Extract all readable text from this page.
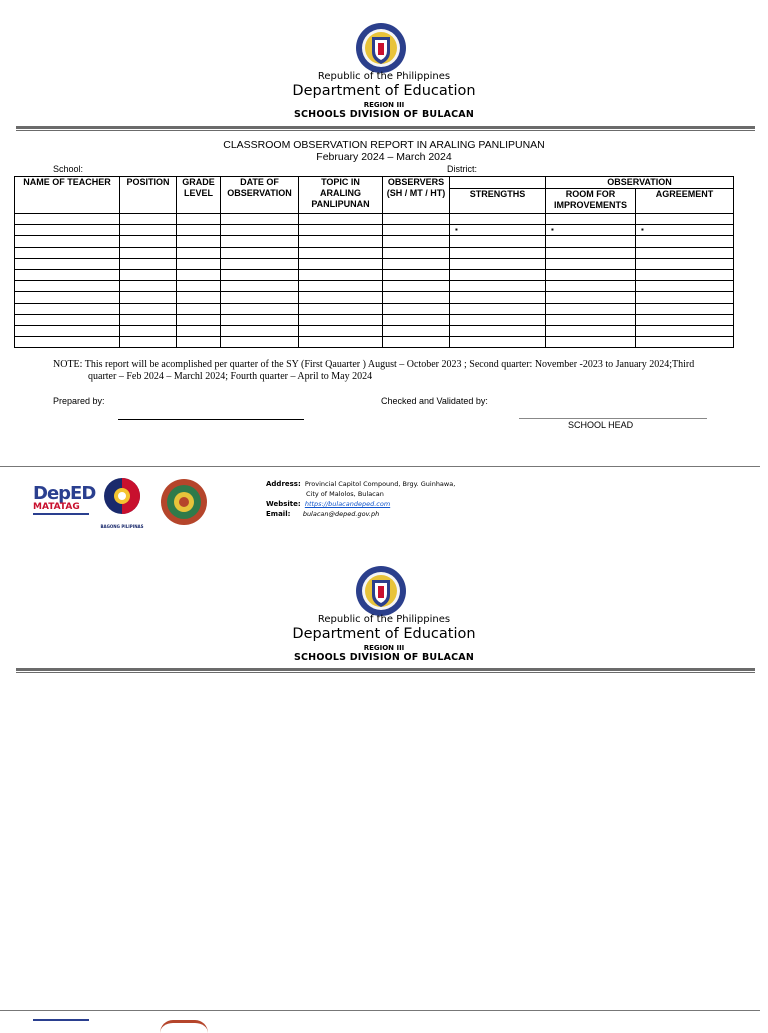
Republic of the Philippines
Department of Education
REGION III
SCHOOLS DIVISION OF BULACAN
CLASSROOM OBSERVATION REPORT IN ARALING PANLIPUNAN
February 2024 – March 2024
School:	District:
NAME OF TEACHER	POSITION	GRADE LEVEL	DATE OF OBSERVATION	TOPIC IN ARALING PANLIPUNAN	OBSERVERS (SH / MT / HT)		OBSERVATION	
						STRENGTHS	ROOM FOR IMPROVEMENTS	AGREEMENT

						▪	▪	▪

NOTE: This report will be acomplished per quarter of the SY (First Qauarter ) August – October 2023 ; Second quarter: November -2023 to January 2024;Third quarter – Feb 2024 – Marchl 2024; Fourth quarter – April to May 2024
Prepared by:	Checked and Validated by:
SCHOOL HEAD
DepED
MATATAG
BAGONG PILIPINAS
Address: Provincial Capitol Compound, Brgy. Guinhawa,
City of Malolos, Bulacan
Website: https://bulacandeped.com
Email: bulacan@deped.gov.ph
Republic of the Philippines
Department of Education
REGION III
SCHOOLS DIVISION OF BULACAN
